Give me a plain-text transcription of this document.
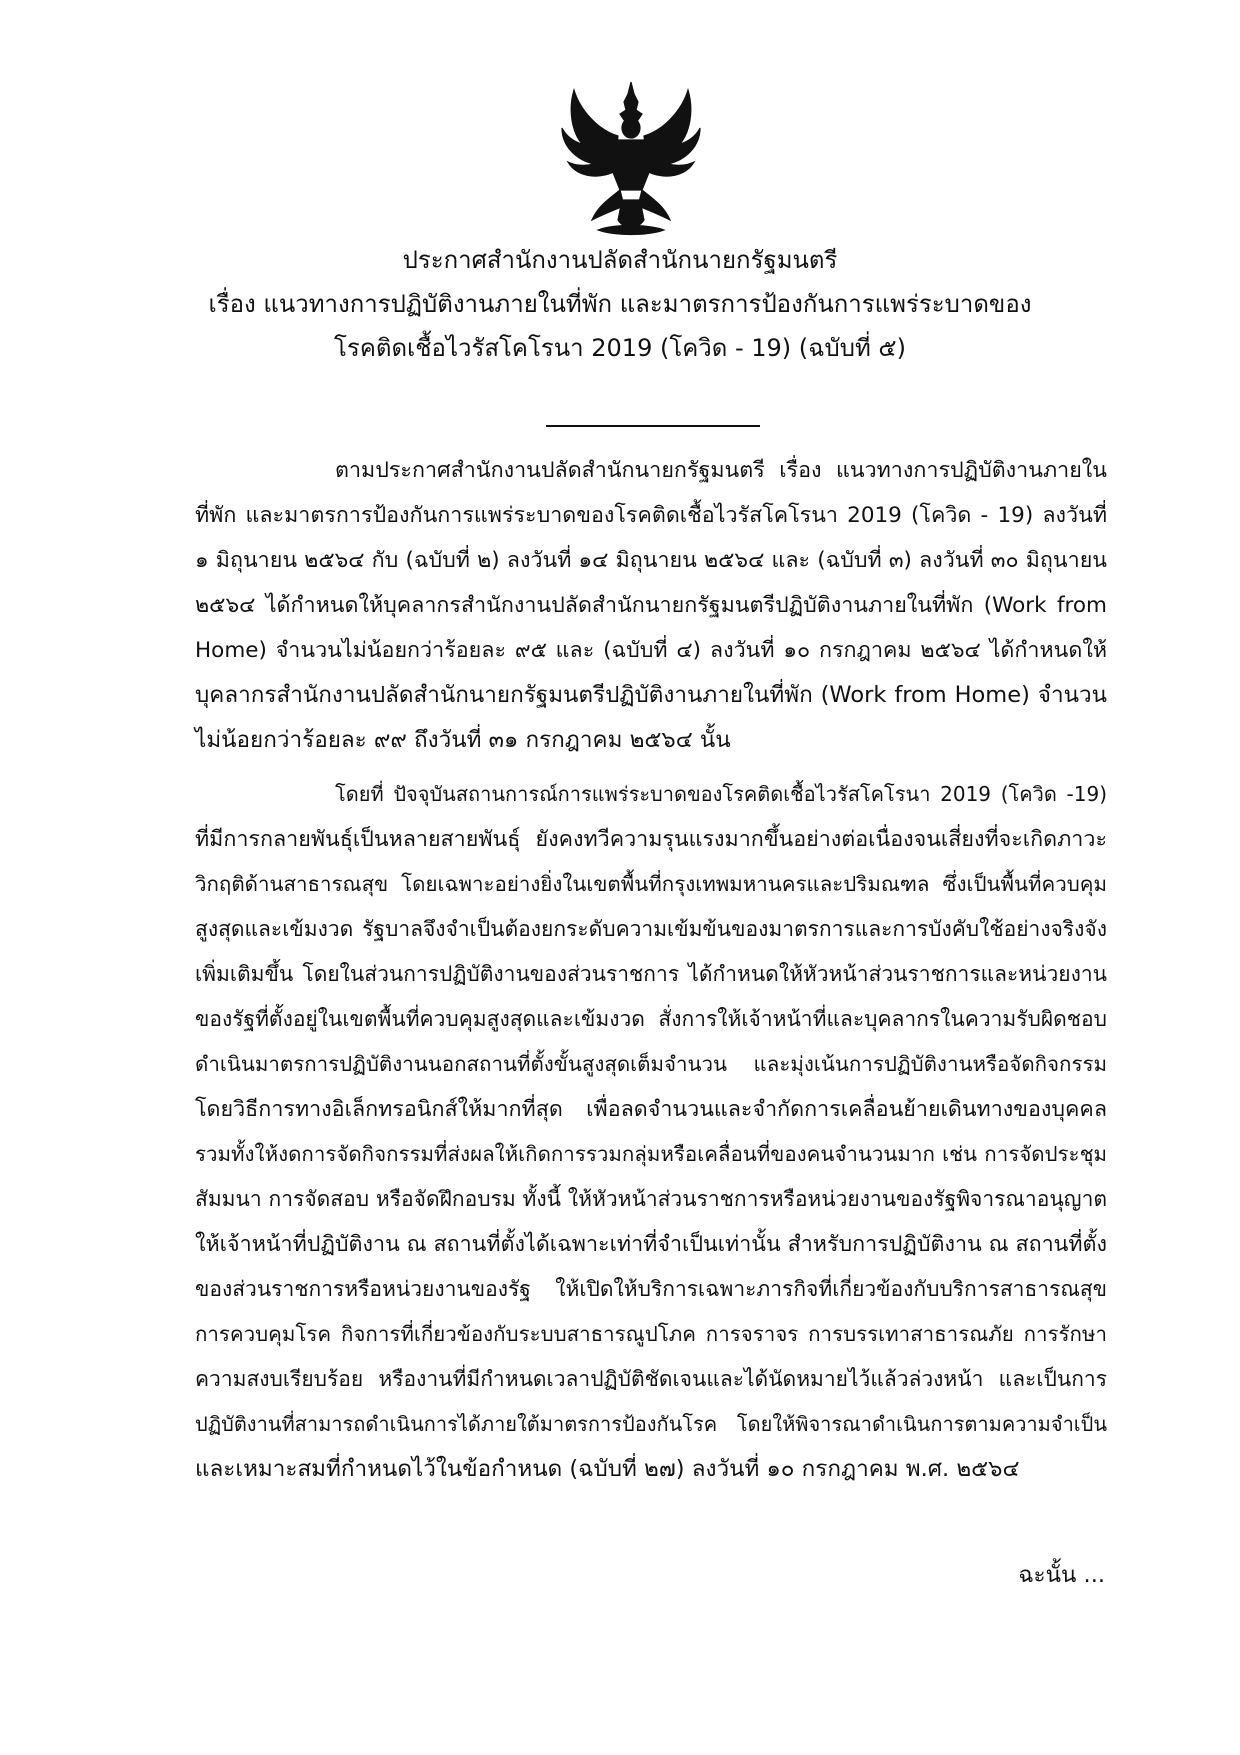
ประกาศสำนักงานปลัดสำนักนายกรัฐมนตรี
เรื่อง แนวทางการปฏิบัติงานภายในที่พัก และมาตรการป้องกันการแพร่ระบาดของ
โรคติดเชื้อไวรัสโคโรนา 2019 (โควิด - 19) (ฉบับที่ ๕)
ตามประกาศสำนักงานปลัดสำนักนายกรัฐมนตรี เรื่อง แนวทางการปฏิบัติงานภายใน
ที่พัก และมาตรการป้องกันการแพร่ระบาดของโรคติดเชื้อไวรัสโคโรนา 2019 (โควิด - 19) ลงวันที่
๑ มิถุนายน ๒๕๖๔ กับ (ฉบับที่ ๒) ลงวันที่ ๑๔ มิถุนายน ๒๕๖๔ และ (ฉบับที่ ๓) ลงวันที่ ๓๐ มิถุนายน
๒๕๖๔ ได้กำหนดให้บุคลากรสำนักงานปลัดสำนักนายกรัฐมนตรีปฏิบัติงานภายในที่พัก (Work from
Home) จำนวนไม่น้อยกว่าร้อยละ ๙๕ และ (ฉบับที่ ๔) ลงวันที่ ๑๐ กรกฎาคม ๒๕๖๔ ได้กำหนดให้
บุคลากรสำนักงานปลัดสำนักนายกรัฐมนตรีปฏิบัติงานภายในที่พัก (Work from Home) จำนวน
ไม่น้อยกว่าร้อยละ ๙๙ ถึงวันที่ ๓๑ กรกฎาคม ๒๕๖๔ นั้น
โดยที่ ปัจจุบันสถานการณ์การแพร่ระบาดของโรคติดเชื้อไวรัสโคโรนา 2019 (โควิด -19)
ที่มีการกลายพันธุ์เป็นหลายสายพันธุ์ ยังคงทวีความรุนแรงมากขึ้นอย่างต่อเนื่องจนเสี่ยงที่จะเกิดภาวะ
วิกฤติด้านสาธารณสุข โดยเฉพาะอย่างยิ่งในเขตพื้นที่กรุงเทพมหานครและปริมณฑล ซึ่งเป็นพื้นที่ควบคุม
สูงสุดและเข้มงวด รัฐบาลจึงจำเป็นต้องยกระดับความเข้มข้นของมาตรการและการบังคับใช้อย่างจริงจัง
เพิ่มเติมขึ้น โดยในส่วนการปฏิบัติงานของส่วนราชการ ได้กำหนดให้หัวหน้าส่วนราชการและหน่วยงาน
ของรัฐที่ตั้งอยู่ในเขตพื้นที่ควบคุมสูงสุดและเข้มงวด สั่งการให้เจ้าหน้าที่และบุคลากรในความรับผิดชอบ
ดำเนินมาตรการปฏิบัติงานนอกสถานที่ตั้งขั้นสูงสุดเต็มจำนวน และมุ่งเน้นการปฏิบัติงานหรือจัดกิจกรรม
โดยวิธีการทางอิเล็กทรอนิกส์ให้มากที่สุด เพื่อลดจำนวนและจำกัดการเคลื่อนย้ายเดินทางของบุคคล
รวมทั้งให้งดการจัดกิจกรรมที่ส่งผลให้เกิดการรวมกลุ่มหรือเคลื่อนที่ของคนจำนวนมาก เช่น การจัดประชุม
สัมมนา การจัดสอบ หรือจัดฝึกอบรม ทั้งนี้ ให้หัวหน้าส่วนราชการหรือหน่วยงานของรัฐพิจารณาอนุญาต
ให้เจ้าหน้าที่ปฏิบัติงาน ณ สถานที่ตั้งได้เฉพาะเท่าที่จำเป็นเท่านั้น สำหรับการปฏิบัติงาน ณ สถานที่ตั้ง
ของส่วนราชการหรือหน่วยงานของรัฐ ให้เปิดให้บริการเฉพาะภารกิจที่เกี่ยวข้องกับบริการสาธารณสุข
การควบคุมโรค กิจการที่เกี่ยวข้องกับระบบสาธารณูปโภค การจราจร การบรรเทาสาธารณภัย การรักษา
ความสงบเรียบร้อย หรืองานที่มีกำหนดเวลาปฏิบัติชัดเจนและได้นัดหมายไว้แล้วล่วงหน้า และเป็นการ
ปฏิบัติงานที่สามารถดำเนินการได้ภายใต้มาตรการป้องกันโรค โดยให้พิจารณาดำเนินการตามความจำเป็น
และเหมาะสมที่กำหนดไว้ในข้อกำหนด (ฉบับที่ ๒๗) ลงวันที่ ๑๐ กรกฎาคม พ.ศ. ๒๕๖๔
ฉะนั้น ...
